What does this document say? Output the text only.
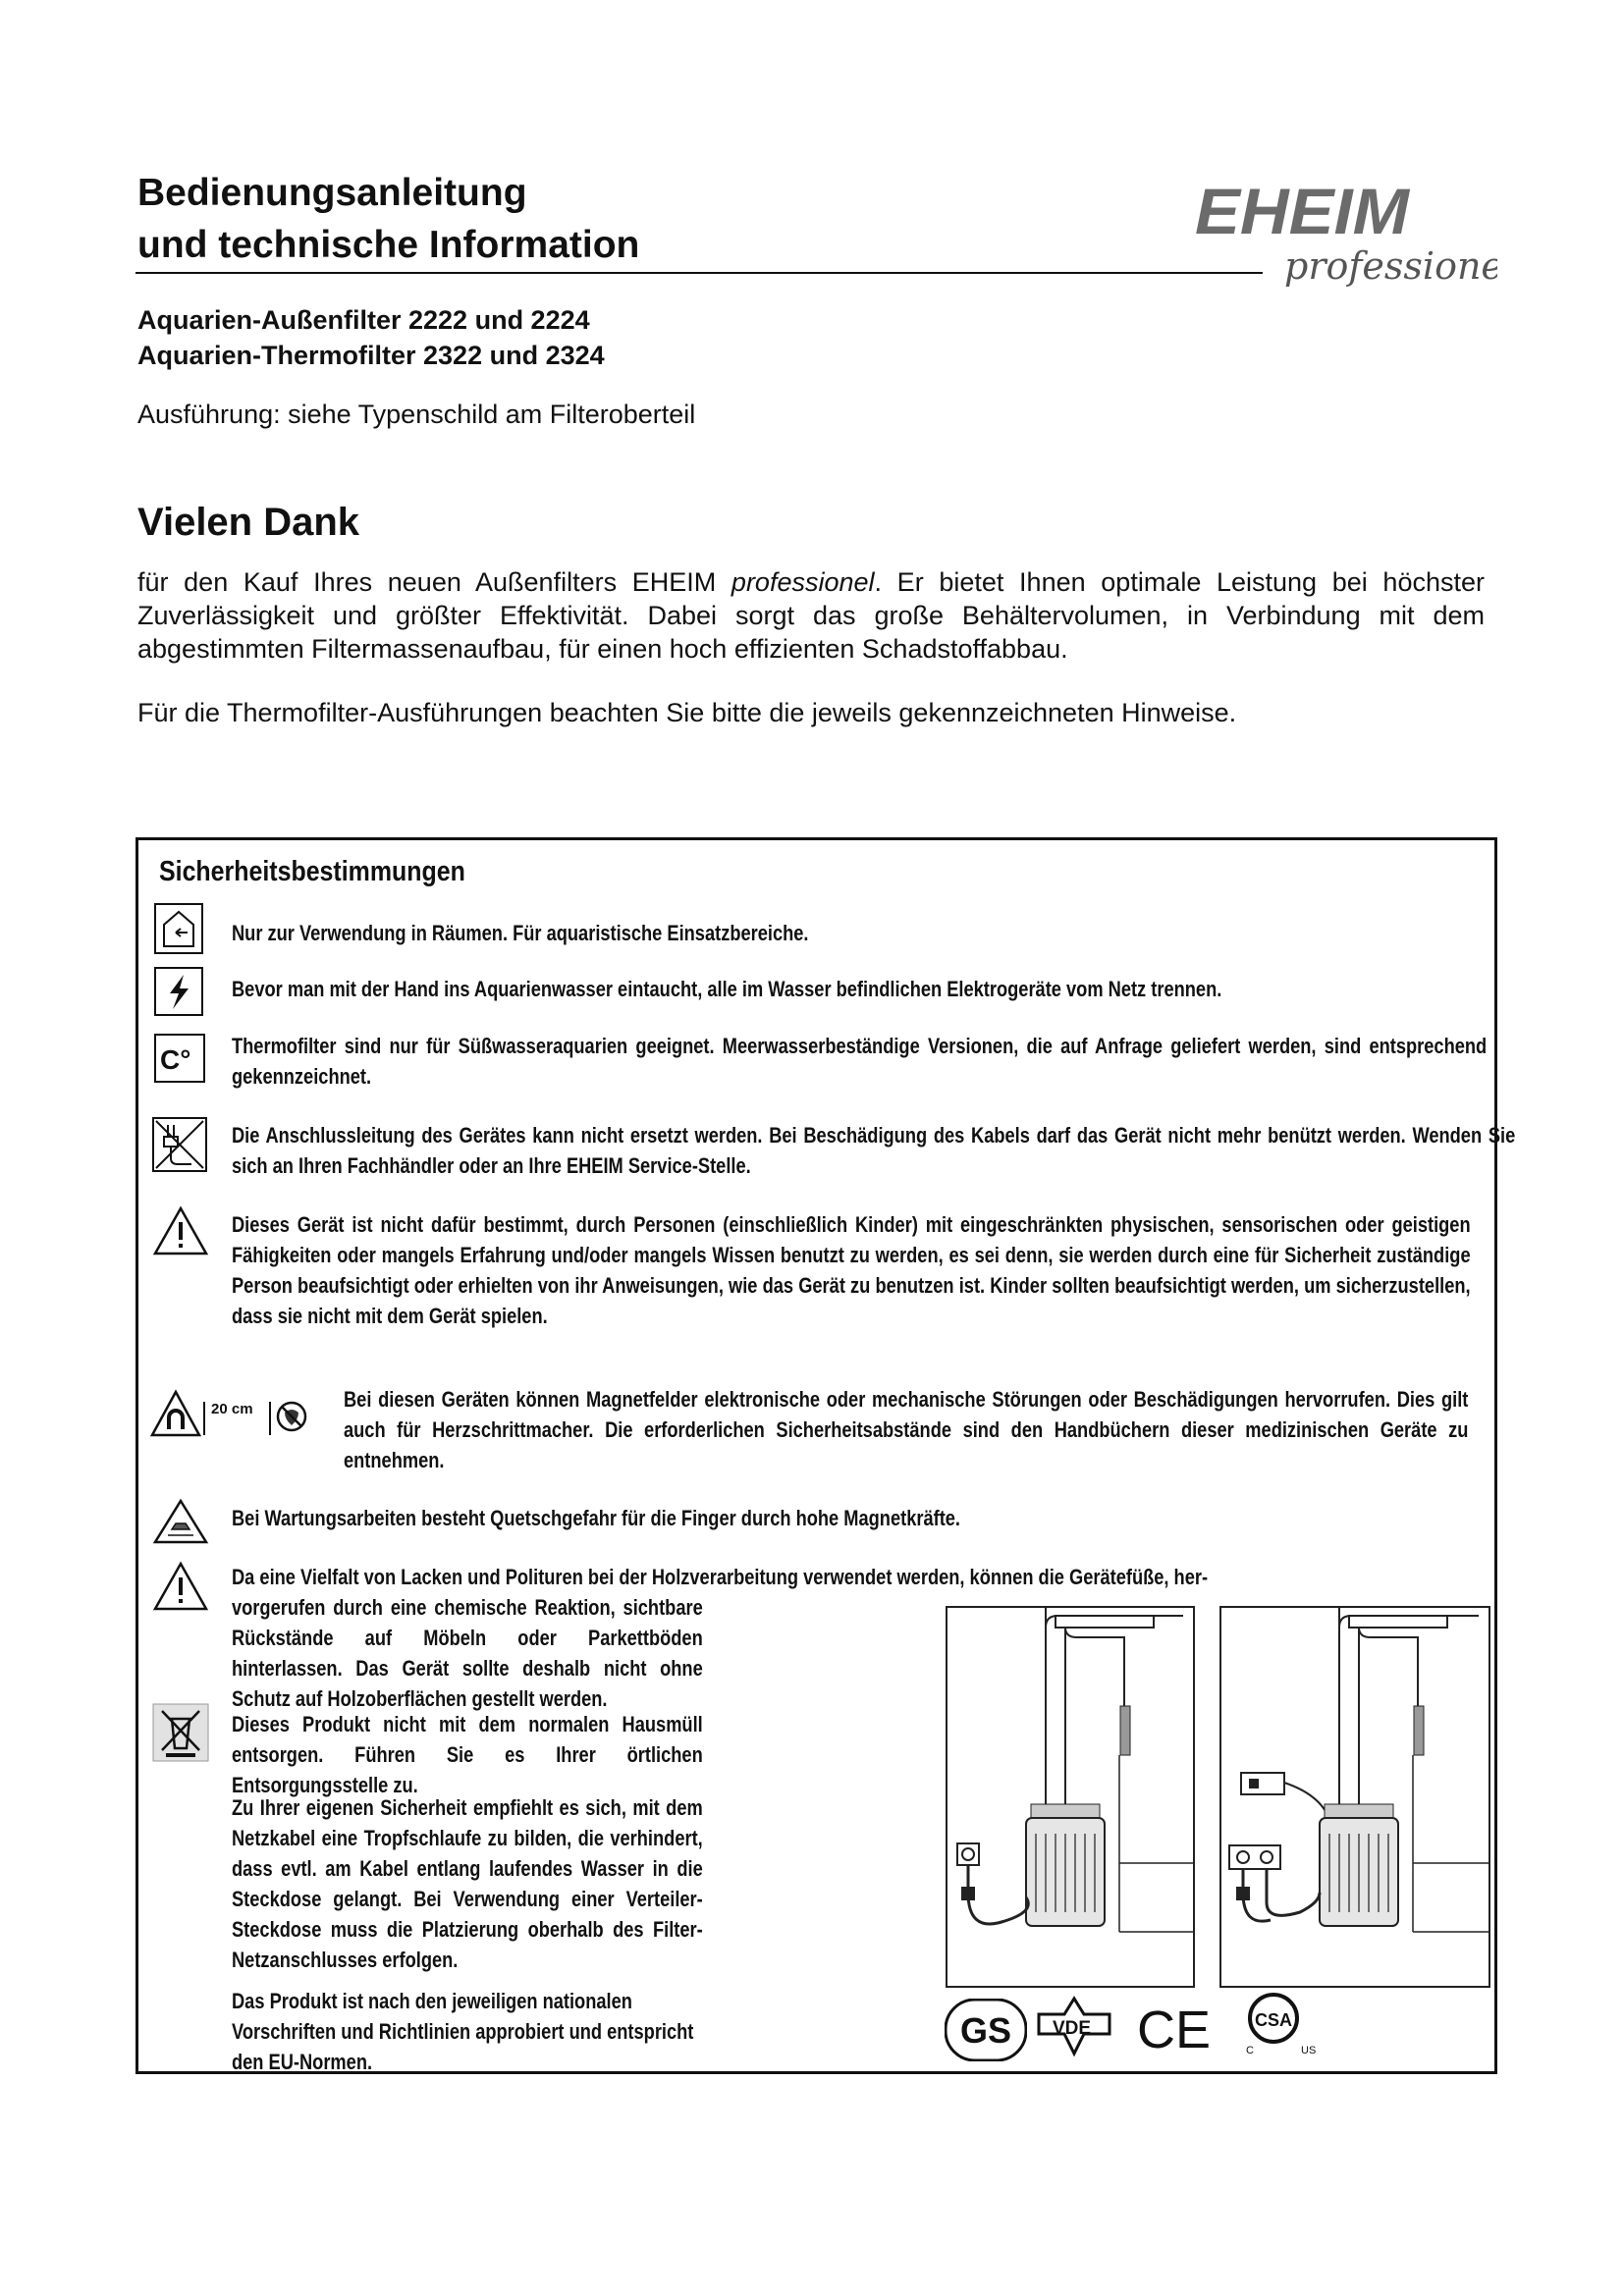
Bedienungsanleitung
und technische Information	EHEIM
professionel
Aquarien-Außenfilter 2222 und 2224
Aquarien-Thermofilter 2322 und 2324
Ausführung: siehe Typenschild am Filteroberteil
Vielen Dank

für den Kauf Ihres neuen Außenfilters EHEIM professionel. Er bietet Ihnen optimale Leistung bei höchster Zuverlässigkeit und größter Effektivität. Dabei sorgt das große Behältervolumen, in Verbindung mit dem abgestimmten Filtermassenaufbau, für einen hoch effizienten Schadstoffabbau.

Für die Thermofilter-Ausführungen beachten Sie bitte die jeweils gekennzeichneten Hinweise.

Sicherheitsbestimmungen
Nur zur Verwendung in Räumen. Für aquaristische Einsatzbereiche.
Bevor man mit der Hand ins Aquarienwasser eintaucht, alle im Wasser befindlichen Elektrogeräte vom Netz trennen.
C° Thermofilter sind nur für Süßwasseraquarien geeignet. Meerwasserbeständige Versionen, die auf Anfrage geliefert werden, sind entsprechend gekennzeichnet.
Die Anschlussleitung des Gerätes kann nicht ersetzt werden. Bei Beschädigung des Kabels darf das Gerät nicht mehr benützt werden. Wenden Sie sich an Ihren Fachhändler oder an Ihre EHEIM Service-Stelle.
Dieses Gerät ist nicht dafür bestimmt, durch Personen (einschließlich Kinder) mit eingeschränkten physischen, sensorischen oder geistigen Fähigkeiten oder mangels Erfahrung und/oder mangels Wissen benutzt zu werden, es sei denn, sie werden durch eine für Sicherheit zuständige Person beaufsichtigt oder erhielten von ihr Anweisungen, wie das Gerät zu benutzen ist. Kinder sollten beaufsichtigt werden, um sicherzustellen, dass sie nicht mit dem Gerät spielen.
20 cm	Bei diesen Geräten können Magnetfelder elektronische oder mechanische Störungen oder Beschädigungen hervorrufen. Dies gilt auch für Herzschrittmacher. Die erforderlichen Sicherheitsabstände sind den Handbüchern dieser medizinischen Geräte zu entnehmen.
Bei Wartungsarbeiten besteht Quetschgefahr für die Finger durch hohe Magnetkräfte.
Da eine Vielfalt von Lacken und Polituren bei der Holzverarbeitung verwendet werden, können die Gerätefüße, her-
vorgerufen durch eine chemische Reaktion, sichtbare Rückstände auf Möbeln oder Parkettböden hinterlassen. Das Gerät sollte deshalb nicht ohne Schutz auf Holzoberflächen gestellt werden.
Dieses Produkt nicht mit dem normalen Hausmüll entsorgen. Führen Sie es Ihrer örtlichen Entsorgungsstelle zu.
Zu Ihrer eigenen Sicherheit empfiehlt es sich, mit dem Netzkabel eine Tropfschlaufe zu bilden, die verhindert, dass evtl. am Kabel entlang laufendes Wasser in die Steckdose gelangt. Bei Verwendung einer Verteiler-Steckdose muss die Platzierung oberhalb des Filter-Netzanschlusses erfolgen.
Das Produkt ist nach den jeweiligen nationalen Vorschriften und Richtlinien approbiert und entspricht den EU-Normen.
GS VDE CE CSA
C	US
